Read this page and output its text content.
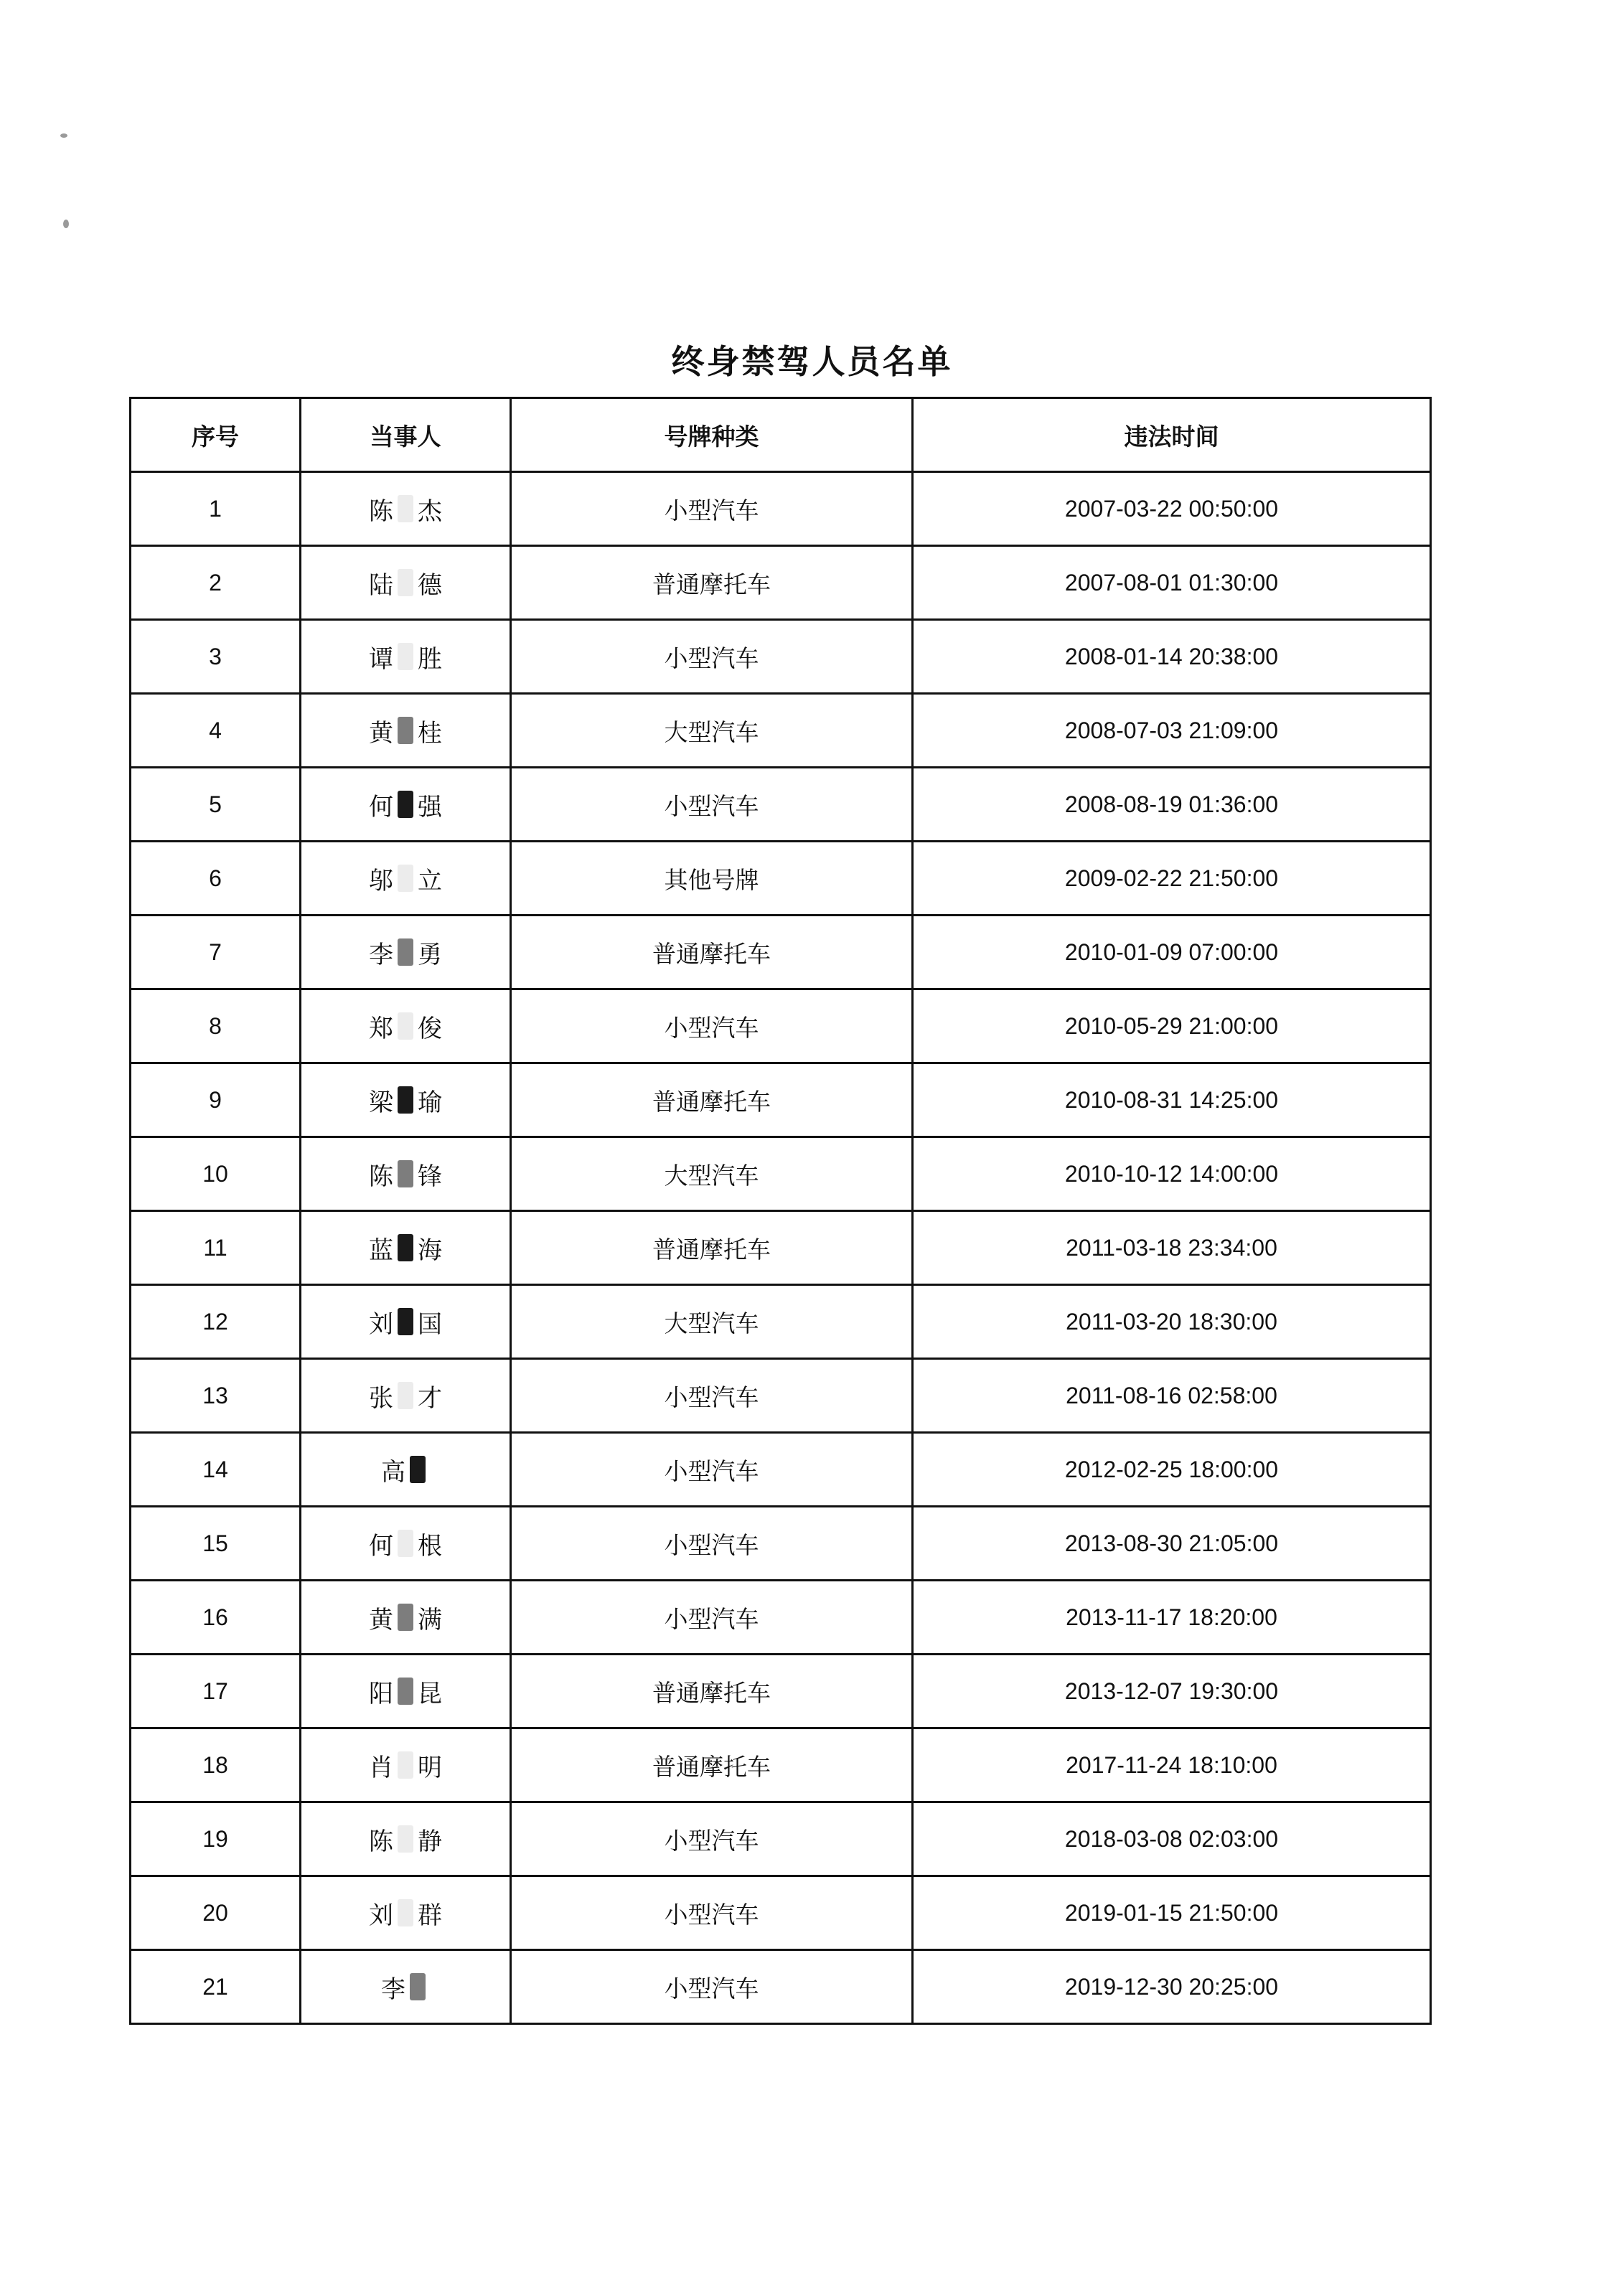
终身禁驾人员名单
序号	当事人	号牌种类	违法时间
1	陈 杰	小型汽车	2007-03-22 00:50:00
2	陆 德	普通摩托车	2007-08-01 01:30:00
3	谭 胜	小型汽车	2008-01-14 20:38:00
4	黄 桂	大型汽车	2008-07-03 21:09:00
5	何 强	小型汽车	2008-08-19 01:36:00
6	邬 立	其他号牌	2009-02-22 21:50:00
7	李 勇	普通摩托车	2010-01-09 07:00:00
8	郑 俊	小型汽车	2010-05-29 21:00:00
9	梁 瑜	普通摩托车	2010-08-31 14:25:00
10	陈 锋	大型汽车	2010-10-12 14:00:00
11	蓝 海	普通摩托车	2011-03-18 23:34:00
12	刘 国	大型汽车	2011-03-20 18:30:00
13	张 才	小型汽车	2011-08-16 02:58:00
14	高	小型汽车	2012-02-25 18:00:00
15	何 根	小型汽车	2013-08-30 21:05:00
16	黄 满	小型汽车	2013-11-17 18:20:00
17	阳 昆	普通摩托车	2013-12-07 19:30:00
18	肖 明	普通摩托车	2017-11-24 18:10:00
19	陈 静	小型汽车	2018-03-08 02:03:00
20	刘 群	小型汽车	2019-01-15 21:50:00
21	李	小型汽车	2019-12-30 20:25:00
